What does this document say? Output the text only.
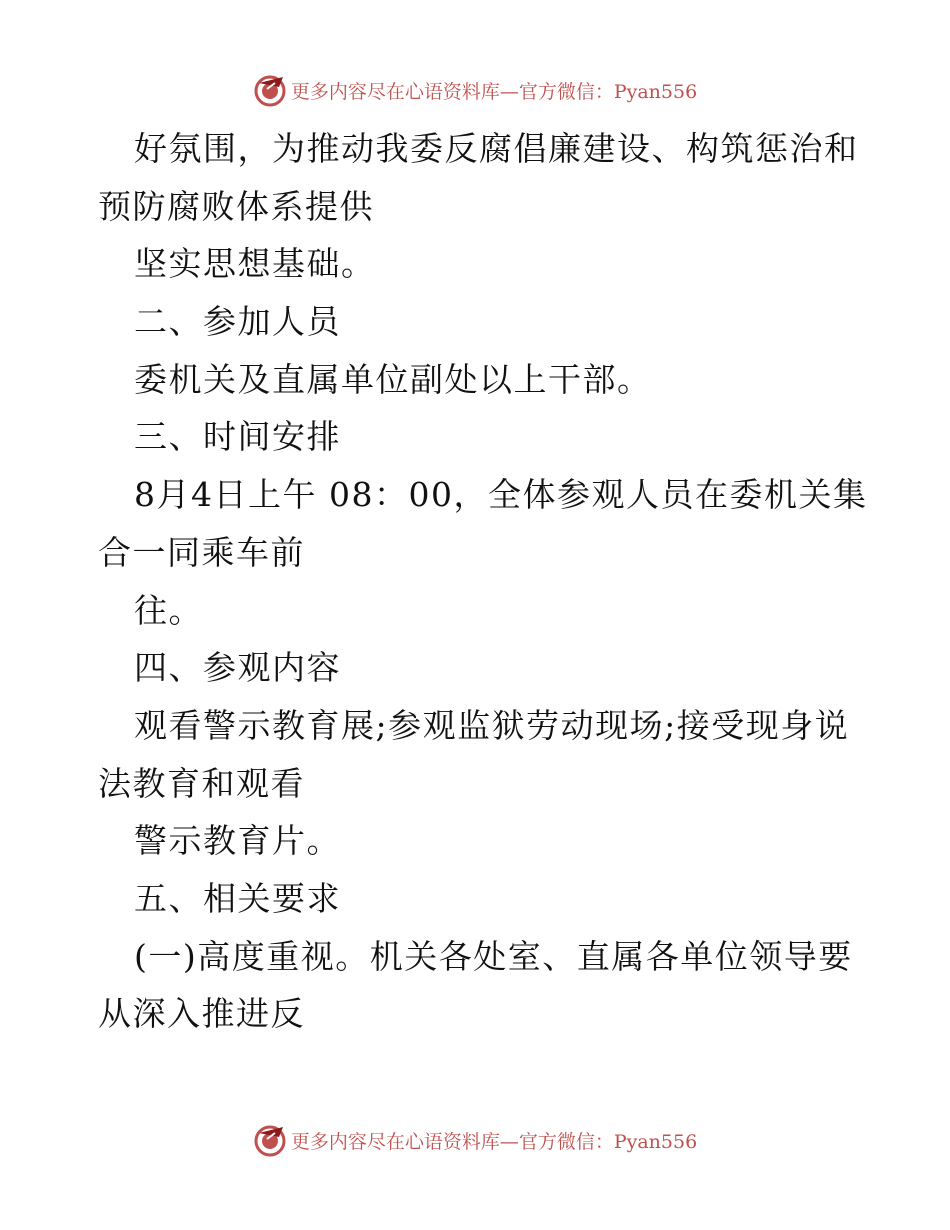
更多内容尽在心语资料库—官方微信：Pyan556
好氛围，为推动我委反腐倡廉建设、构筑惩治和
预防腐败体系提供
坚实思想基础。
二、参加人员
委机关及直属单位副处以上干部。
三、时间安排
8月4日上午 08：00，全体参观人员在委机关集
合一同乘车前
往。
四、参观内容
观看警示教育展;参观监狱劳动现场;接受现身说
法教育和观看
警示教育片。
五、相关要求
(一)高度重视。机关各处室、直属各单位领导要
从深入推进反
更多内容尽在心语资料库—官方微信：Pyan556
